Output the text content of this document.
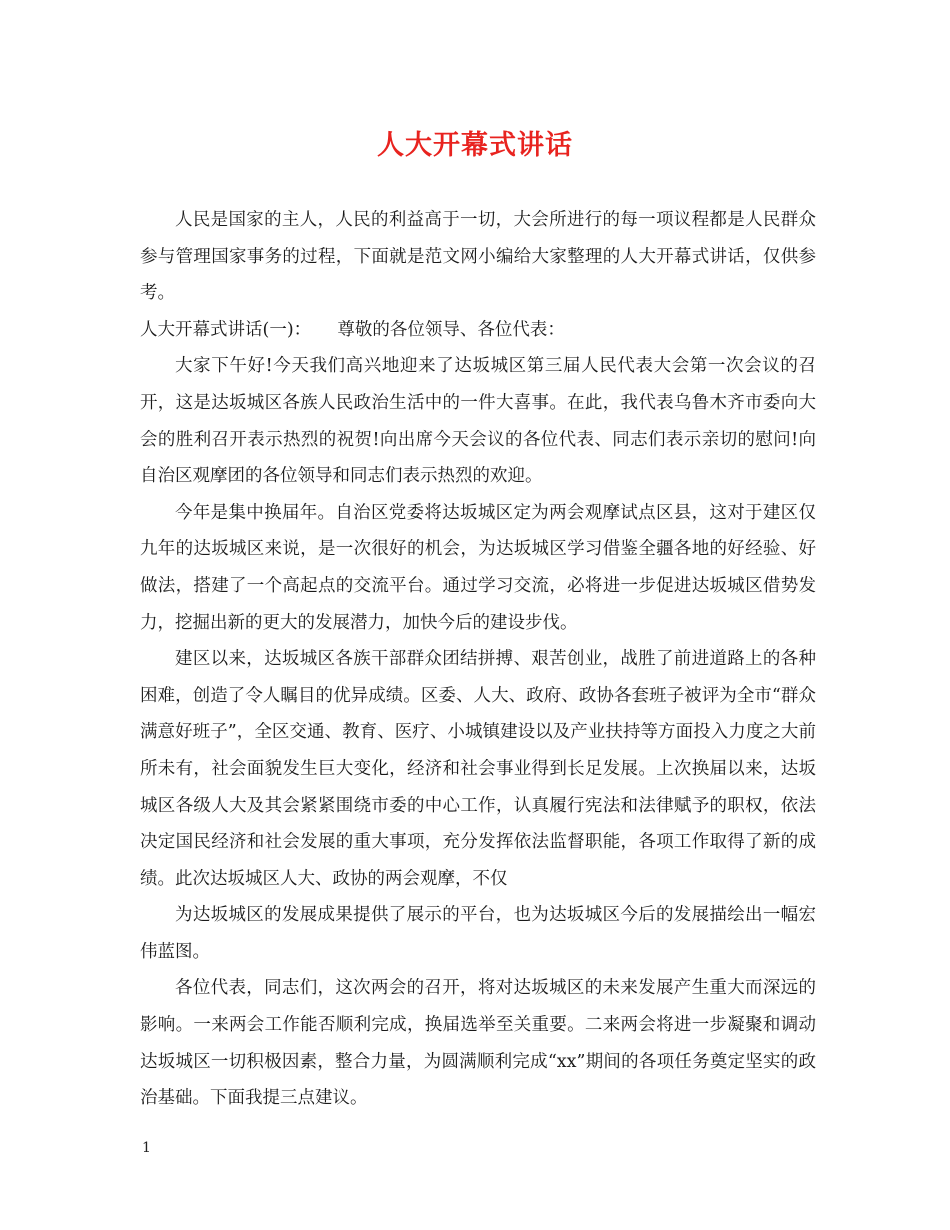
人大开幕式讲话

人民是国家的主人，人民的利益高于一切，大会所进行的每一项议程都是人民群众参与管理国家事务的过程，下面就是范文网小编给大家整理的人大开幕式讲话，仅供参考。

人大开幕式讲话(一)：　　尊敬的各位领导、各位代表：

大家下午好!今天我们高兴地迎来了达坂城区第三届人民代表大会第一次会议的召开，这是达坂城区各族人民政治生活中的一件大喜事。在此，我代表乌鲁木齐市委向大会的胜利召开表示热烈的祝贺!向出席今天会议的各位代表、同志们表示亲切的慰问!向自治区观摩团的各位领导和同志们表示热烈的欢迎。

今年是集中换届年。自治区党委将达坂城区定为两会观摩试点区县，这对于建区仅九年的达坂城区来说，是一次很好的机会，为达坂城区学习借鉴全疆各地的好经验、好做法，搭建了一个高起点的交流平台。通过学习交流，必将进一步促进达坂城区借势发力，挖掘出新的更大的发展潜力，加快今后的建设步伐。

建区以来，达坂城区各族干部群众团结拼搏、艰苦创业，战胜了前进道路上的各种困难，创造了令人瞩目的优异成绩。区委、人大、政府、政协各套班子被评为全市“群众满意好班子”，全区交通、教育、医疗、小城镇建设以及产业扶持等方面投入力度之大前所未有，社会面貌发生巨大变化，经济和社会事业得到长足发展。上次换届以来，达坂城区各级人大及其会紧紧围绕市委的中心工作，认真履行宪法和法律赋予的职权，依法决定国民经济和社会发展的重大事项，充分发挥依法监督职能，各项工作取得了新的成绩。此次达坂城区人大、政协的两会观摩，不仅

为达坂城区的发展成果提供了展示的平台，也为达坂城区今后的发展描绘出一幅宏伟蓝图。

各位代表，同志们，这次两会的召开，将对达坂城区的未来发展产生重大而深远的影响。一来两会工作能否顺利完成，换届选举至关重要。二来两会将进一步凝聚和调动达坂城区一切积极因素，整合力量，为圆满顺利完成“xx”期间的各项任务奠定坚实的政治基础。下面我提三点建议。

1
